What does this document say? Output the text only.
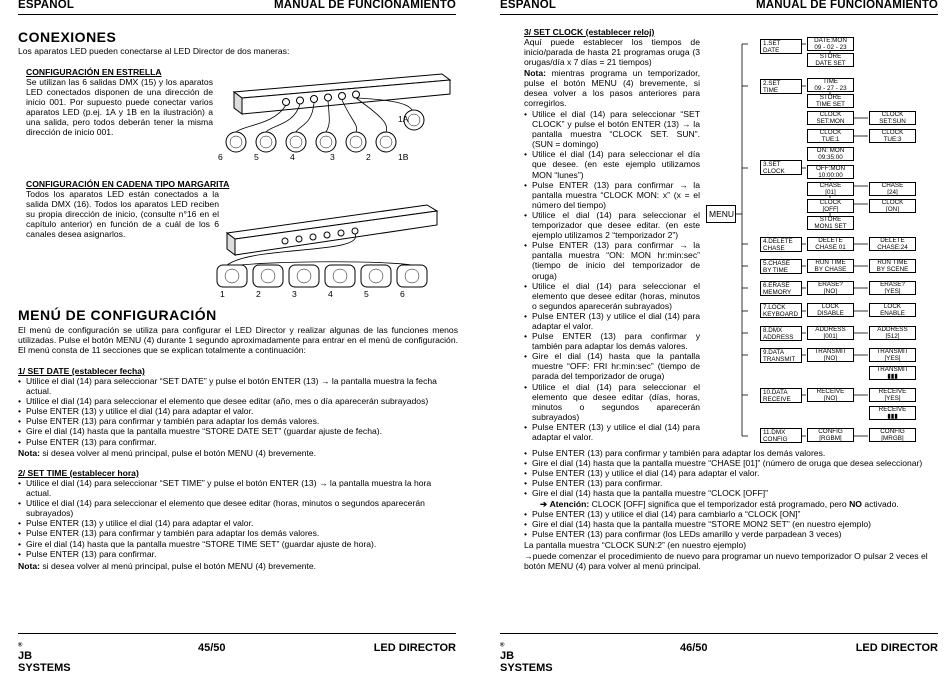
ESPAÑOL	MANUAL DE FUNCIONAMIENTO
CONEXIONES
Los aparatos LED pueden conectarse al LED Director de dos maneras:
CONFIGURACIÓN EN ESTRELLA
Se utilizan las 6 salidas DMX (15) y los aparatos LED conectados disponen de una dirección de inicio 001. Por supuesto puede conectar varios aparatos LED (p.ej. 1A y 1B en la ilustración) a una salida, pero todos deberán tener la misma dirección de inicio 001.
6	5	4	3	2	1B
1A
CONFIGURACIÓN EN CADENA TIPO MARGARITA
Todos los aparatos LED están conectados a la salida DMX (16). Todos los aparatos LED reciben su propia dirección de inicio, (consulte n°16 en el capítulo anterior) en función de a cuál de los 6 canales desea asignarlos.
1	2	3	4	5	6
MENÚ DE CONFIGURACIÓN
El menú de configuración se utiliza para configurar el LED Director y realizar algunas de las funciones menos utilizadas. Pulse el botón MENU (4) durante 1 segundo aproximadamente para entrar en el menú de configuración. El menú consta de 11 secciones que se explican totalmente a continuación:
1/ SET DATE (establecer fecha)
• Utilice el dial (14) para seleccionar “SET DATE” y pulse el botón ENTER (13) → la pantalla muestra la fecha actual.
• Utilice el dial (14) para seleccionar el elemento que desee editar (año, mes o día aparecerán subrayados)
• Pulse ENTER (13) y utilice el dial (14) para adaptar el valor.
• Pulse ENTER (13) para confirmar y también para adaptar los demás valores.
• Gire el dial (14) hasta que la pantalla muestre “STORE DATE SET” (guardar ajuste de fecha).
• Pulse ENTER (13) para confirmar.
Nota: si desea volver al menú principal, pulse el botón MENU (4) brevemente.
2/ SET TIME (establecer hora)
• Utilice el dial (14) para seleccionar “SET TIME” y pulse el botón ENTER (13) → la pantalla muestra la hora actual.
• Utilice el dial (14) para seleccionar el elemento que desee editar (horas, minutos o segundos aparecerán subrayados)
• Pulse ENTER (13) y utilice el dial (14) para adaptar el valor.
• Pulse ENTER (13) para confirmar y también para adaptar los demás valores.
• Gire el dial (14) hasta que la pantalla muestre “STORE TIME SET” (guardar ajuste de hora).
• Pulse ENTER (13) para confirmar.
Nota: si desea volver al menú principal, pulse el botón MENU (4) brevemente.
JB SYSTEMS
®	45/50	LED DIRECTOR
ESPAÑOL	MANUAL DE FUNCIONAMIENTO
3/ SET CLOCK (establecer reloj)
Aquí puede establecer los tiempos de inicio/parada de hasta 21 programas oruga (3 orugas/día x 7 días = 21 tiempos)
Nota: mientras programa un temporizador, pulse el botón MENU (4) brevemente, si desea volver a los pasos anteriores para corregirlos.
• Utilice el dial (14) para seleccionar “SET CLOCK” y pulse el botón ENTER (13) → la pantalla muestra “CLOCK SET. SUN”. (SUN = domingo)
• Utilice el dial (14) para seleccionar el día que desee. (en este ejemplo utilizamos MON “lunes”)
• Pulse ENTER (13) para confirmar → la pantalla muestra “CLOCK MON: x” (x = el número del tiempo)
• Utilice el dial (14) para seleccionar el temporizador que desee editar. (en este ejemplo utilizamos 2 “temporizador 2”)
• Pulse ENTER (13) para confirmar → la pantalla muestra “ON: MON hr:min:sec” (tiempo de inicio del temporizador de oruga)
• Utilice el dial (14) para seleccionar el elemento que desee editar (horas, minutos o segundos aparecerán subrayados)
• Pulse ENTER (13) y utilice el dial (14) para adaptar el valor.
• Pulse ENTER (13) para confirmar y también para adaptar los demás valores.
• Gire el dial (14) hasta que la pantalla muestre “OFF: FRI hr:min:sec” (tiempo de parada del temporizador de oruga)
• Utilice el dial (14) para seleccionar el elemento que desee editar (días, horas, minutos o segundos aparecerán subrayados)
• Pulse ENTER (13) y utilice el dial (14) para adaptar el valor.
• Pulse ENTER (13) para confirmar y también para adaptar los demás valores.
• Gire el dial (14) hasta que la pantalla muestre “CHASE [01]” (número de oruga que desea seleccionar)
• Pulse ENTER (13) y utilice el dial (14) para adaptar el valor.
• Pulse ENTER (13) para confirmar.
• Gire el dial (14) hasta que la pantalla muestre “CLOCK [OFF]”
➔ Atención: CLOCK [OFF] significa que el temporizador está programado, pero NO activado.
• Pulse ENTER (13) y utilice el dial (14) para cambiarlo a “CLOCK [ON]”
• Gire el dial (14) hasta que la pantalla muestre “STORE MON2 SET” (en nuestro ejemplo)
• Pulse ENTER (13) para confirmar (los LEDs amarillo y verde parpadean 3 veces)
La pantalla muestra “CLOCK SUN:2” (en nuestro ejemplo)
→puede comenzar el procedimiento de nuevo para programar un nuevo temporizador O pulsar 2 veces el botón MENU (4) para volver al menú principal.
MENU
1.SET
DATE
2.SET
TIME
3.SET
CLOCK
4.DELETE
CHASE
5.CHASE
BY TIME
6.ERASE
MEMORY
7.LOCK
KEYBOARD
8.DMX
ADDRESS
9.DATA
TRANSMIT
10.DATA
RECEIVE
11.DMX
CONFIG
DATE:MON
09 - 02 - 23
STORE
DATE SET
TIME
09 - 27 - 23
STORE
TIME SET
CLOCK
SET:MON
CLOCK
TUE:1
ON: MON
09:35:00
OFF:MON
10:00:00
CHASE
[01]
CLOCK
[OFF]
STORE
MON1 SET
DELETE
CHASE 01
RUN TIME
BY CHASE
ERASE?
[NO]
LOCK
DISABLE
ADDRESS
[001]
TRANSMIT
[NO]
RECEIVE
[NO]
CONFIG
[RGBM]
CLOCK
SET:SUN
CLOCK
TUE:3
CHASE
[24]
CLOCK
[ON]
DELETE
CHASE:24
RUN TIME
BY SCENE
ERASE?
[YES]
LOCK
ENABLE
ADDRESS
[512]
TRANSMIT
[YES]
TRANSMIT
▮▮▮
RECEIVE
[YES]
RECEIVE
▮▮▮
CONFIG
[MRGB]
JB SYSTEMS
®	46/50	LED DIRECTOR
